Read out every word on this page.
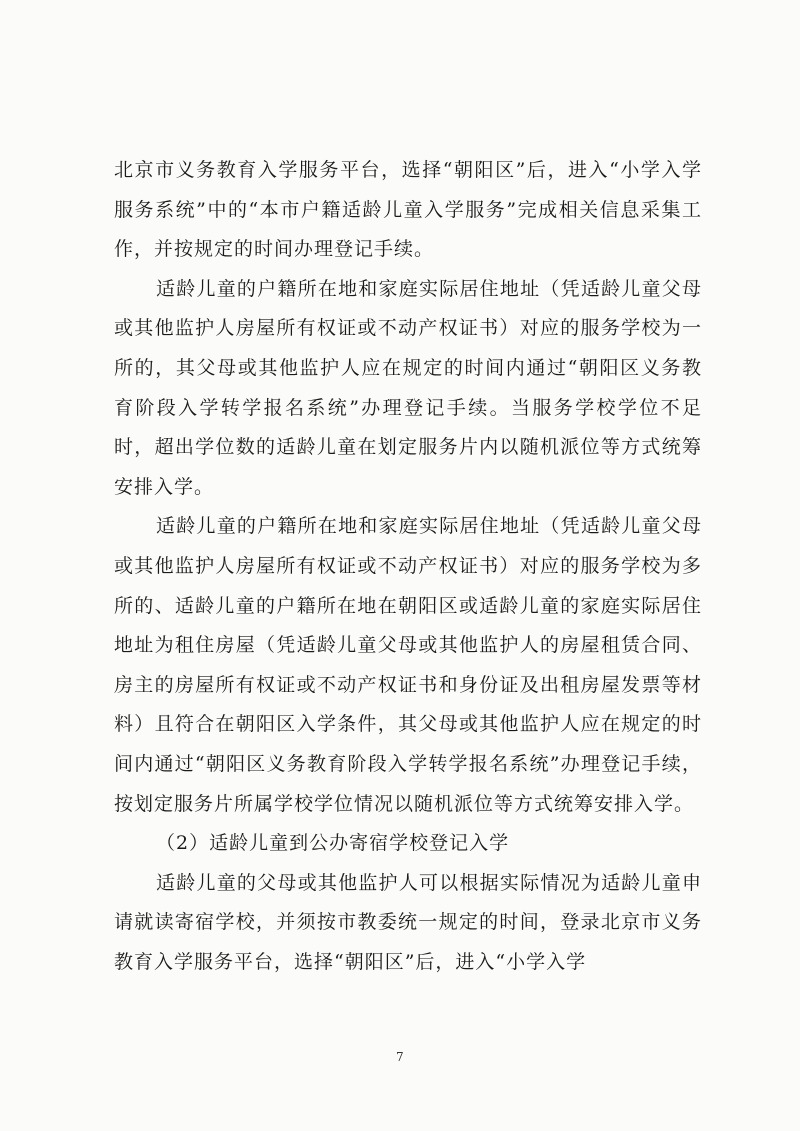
北京市义务教育入学服务平台，选择“朝阳区”后，进入“小学入学服务系统”中的“本市户籍适龄儿童入学服务”完成相关信息采集工作，并按规定的时间办理登记手续。

适龄儿童的户籍所在地和家庭实际居住地址（凭适龄儿童父母或其他监护人房屋所有权证或不动产权证书）对应的服务学校为一所的，其父母或其他监护人应在规定的时间内通过“朝阳区义务教育阶段入学转学报名系统”办理登记手续。当服务学校学位不足时，超出学位数的适龄儿童在划定服务片内以随机派位等方式统筹安排入学。

适龄儿童的户籍所在地和家庭实际居住地址（凭适龄儿童父母或其他监护人房屋所有权证或不动产权证书）对应的服务学校为多所的、适龄儿童的户籍所在地在朝阳区或适龄儿童的家庭实际居住地址为租住房屋（凭适龄儿童父母或其他监护人的房屋租赁合同、房主的房屋所有权证或不动产权证书和身份证及出租房屋发票等材料）且符合在朝阳区入学条件，其父母或其他监护人应在规定的时间内通过“朝阳区义务教育阶段入学转学报名系统”办理登记手续，按划定服务片所属学校学位情况以随机派位等方式统筹安排入学。

（2）适龄儿童到公办寄宿学校登记入学

适龄儿童的父母或其他监护人可以根据实际情况为适龄儿童申请就读寄宿学校，并须按市教委统一规定的时间，登录北京市义务教育入学服务平台，选择“朝阳区”后，进入“小学入学

7
